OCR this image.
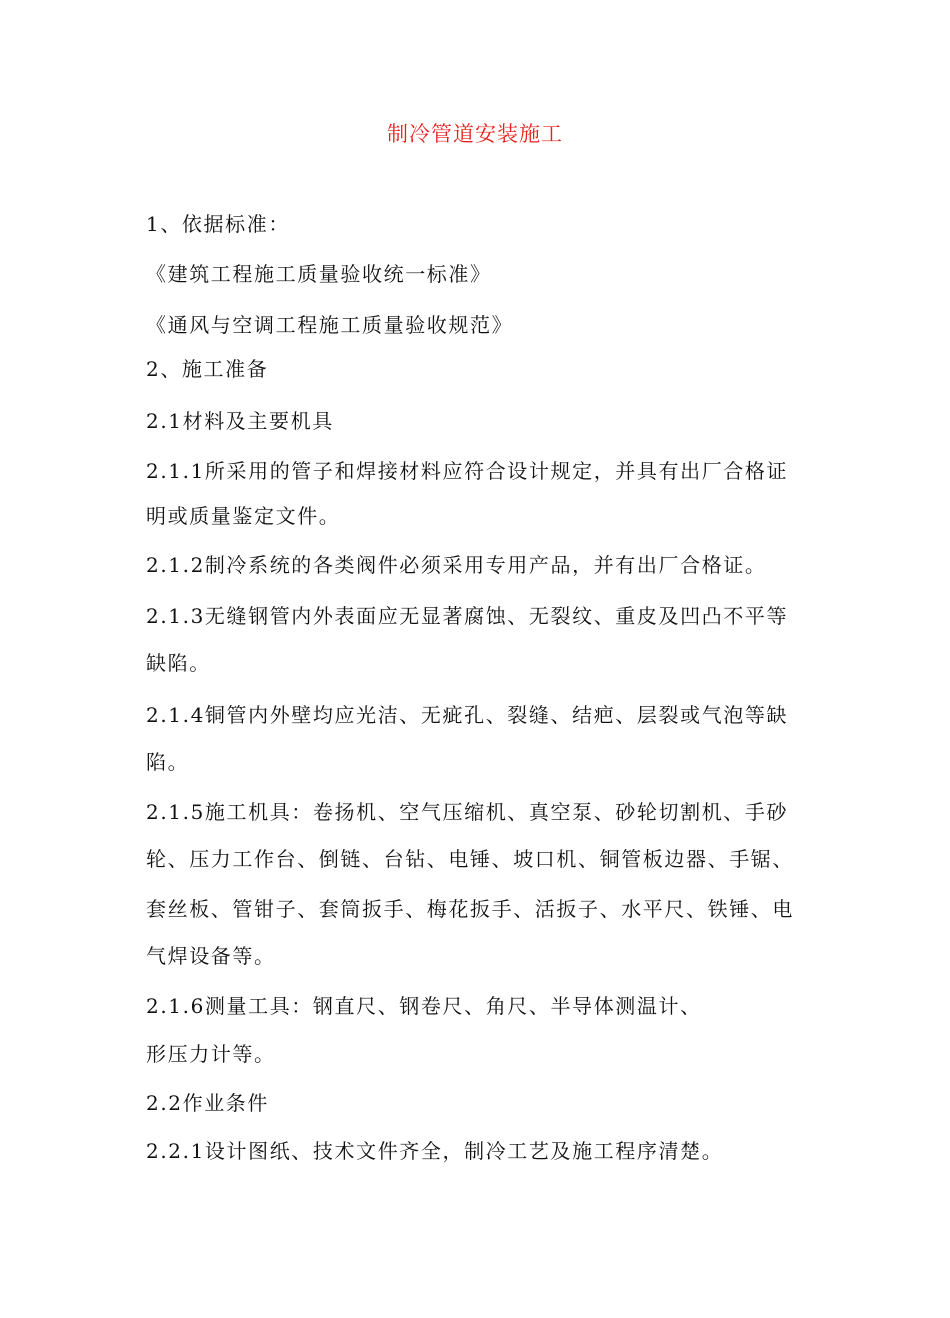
制冷管道安装施工
1、依据标准：
《建筑工程施工质量验收统一标准》
《通风与空调工程施工质量验收规范》
2、施工准备
2.1材料及主要机具
2.1.1所采用的管子和焊接材料应符合设计规定，并具有出厂合格证
明或质量鉴定文件。
2.1.2制冷系统的各类阀件必须采用专用产品，并有出厂合格证。
2.1.3无缝钢管内外表面应无显著腐蚀、无裂纹、重皮及凹凸不平等
缺陷。
2.1.4铜管内外壁均应光洁、无疵孔、裂缝、结疤、层裂或气泡等缺
陷。
2.1.5施工机具：卷扬机、空气压缩机、真空泵、砂轮切割机、手砂
轮、压力工作台、倒链、台钻、电锤、坡口机、铜管板边器、手锯、
套丝板、管钳子、套筒扳手、梅花扳手、活扳子、水平尺、铁锤、电
气焊设备等。
2.1.6测量工具：钢直尺、钢卷尺、角尺、半导体测温计、
形压力计等。
2.2作业条件
2.2.1设计图纸、技术文件齐全，制冷工艺及施工程序清楚。
